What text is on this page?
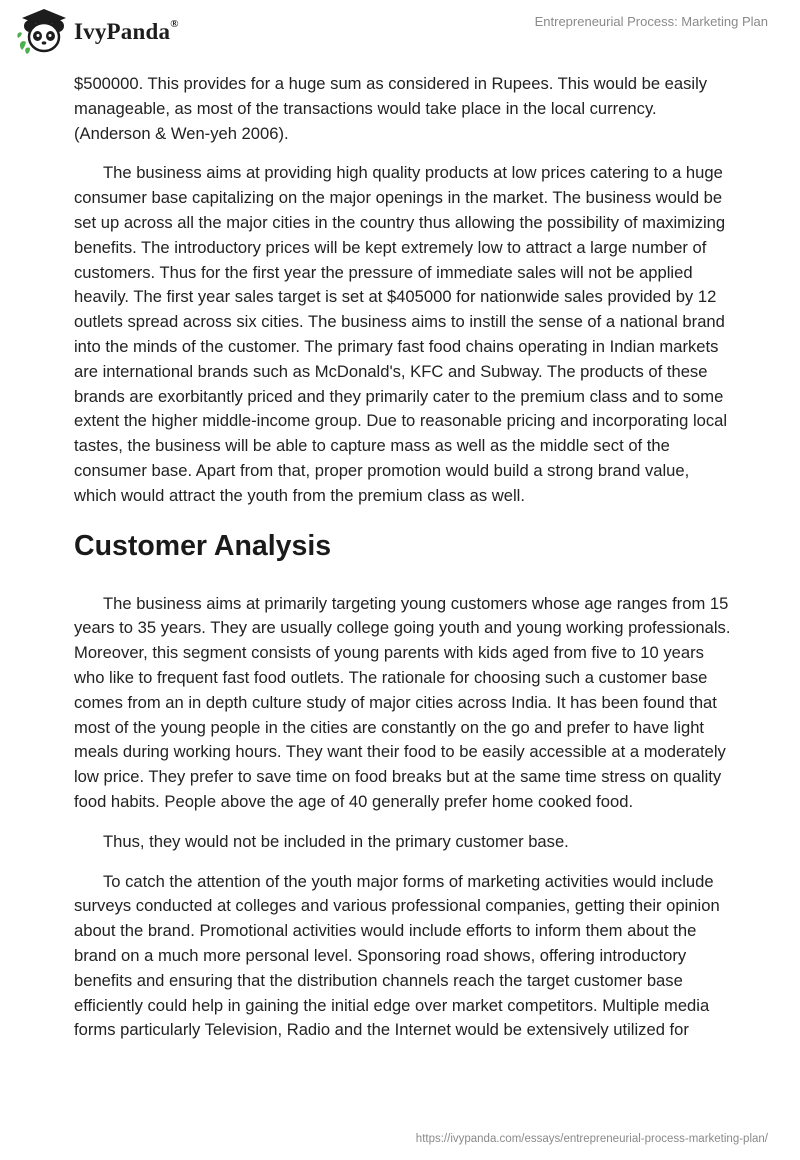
IvyPanda®	Entrepreneurial Process: Marketing Plan

$500000. This provides for a huge sum as considered in Rupees. This would be easily manageable, as most of the transactions would take place in the local currency. (Anderson & Wen-yeh 2006).

The business aims at providing high quality products at low prices catering to a huge consumer base capitalizing on the major openings in the market. The business would be set up across all the major cities in the country thus allowing the possibility of maximizing benefits. The introductory prices will be kept extremely low to attract a large number of customers. Thus for the first year the pressure of immediate sales will not be applied heavily. The first year sales target is set at $405000 for nationwide sales provided by 12 outlets spread across six cities. The business aims to instill the sense of a national brand into the minds of the customer. The primary fast food chains operating in Indian markets are international brands such as McDonald's, KFC and Subway. The products of these brands are exorbitantly priced and they primarily cater to the premium class and to some extent the higher middle-income group. Due to reasonable pricing and incorporating local tastes, the business will be able to capture mass as well as the middle sect of the consumer base. Apart from that, proper promotion would build a strong brand value, which would attract the youth from the premium class as well.

Customer Analysis

The business aims at primarily targeting young customers whose age ranges from 15 years to 35 years. They are usually college going youth and young working professionals. Moreover, this segment consists of young parents with kids aged from five to 10 years who like to frequent fast food outlets. The rationale for choosing such a customer base comes from an in depth culture study of major cities across India. It has been found that most of the young people in the cities are constantly on the go and prefer to have light meals during working hours. They want their food to be easily accessible at a moderately low price. They prefer to save time on food breaks but at the same time stress on quality food habits. People above the age of 40 generally prefer home cooked food.

Thus, they would not be included in the primary customer base.

To catch the attention of the youth major forms of marketing activities would include surveys conducted at colleges and various professional companies, getting their opinion about the brand. Promotional activities would include efforts to inform them about the brand on a much more personal level. Sponsoring road shows, offering introductory benefits and ensuring that the distribution channels reach the target customer base efficiently could help in gaining the initial edge over market competitors. Multiple media forms particularly Television, Radio and the Internet would be extensively utilized for

https://ivypanda.com/essays/entrepreneurial-process-marketing-plan/
